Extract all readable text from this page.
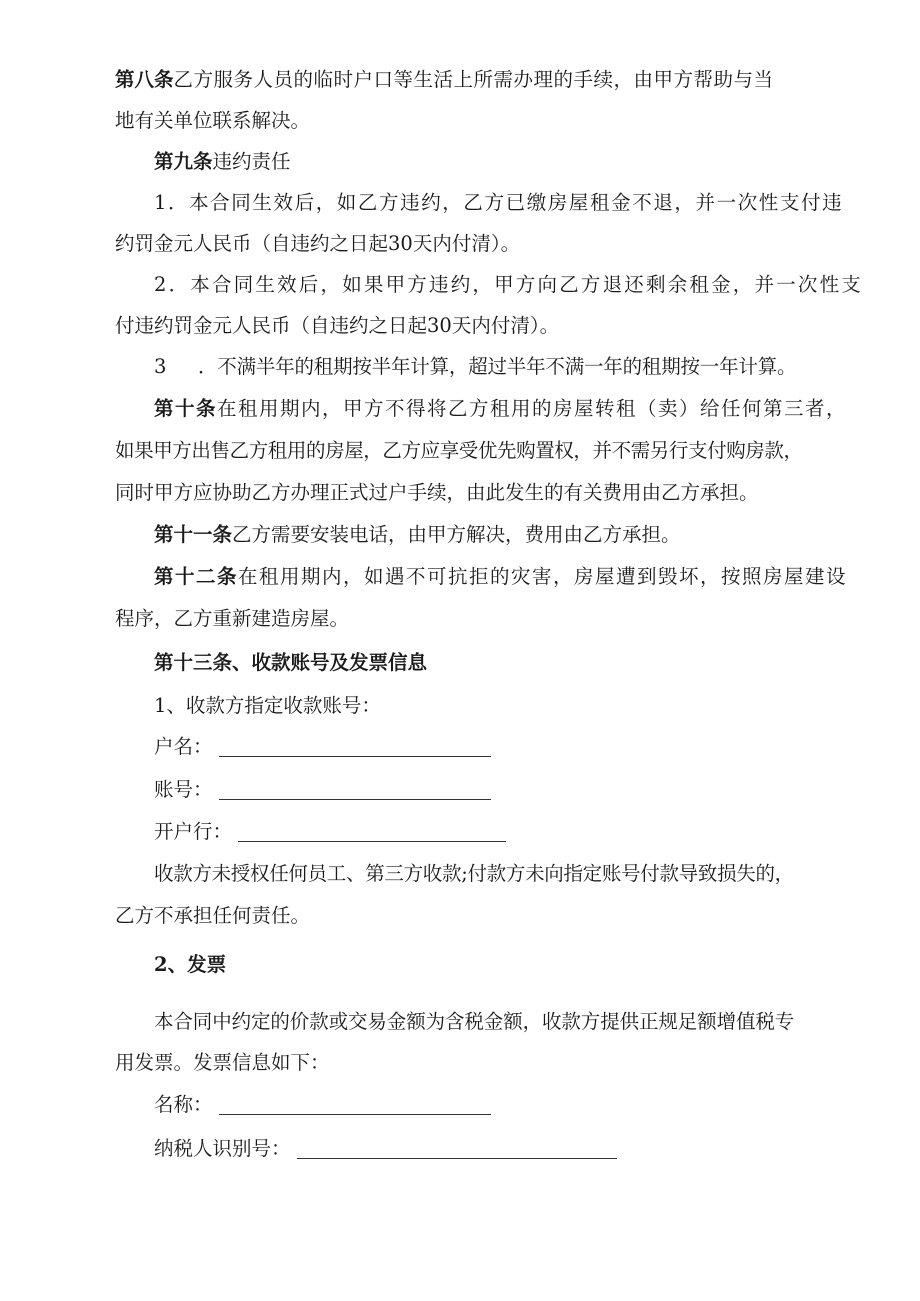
第八条 乙方服务人员的临时户口等生活上所需办理的手续，由甲方帮助与当
地有关单位联系解决。
第九条违约责任
1．本合同生效后，如乙方违约，乙方已缴房屋租金不退，并一次性支付违
约罚金元人民币（自违约之日起30天内付清）。
2．本合同生效后，如果甲方违约，甲方向乙方退还剩余租金，并一次性支
付违约罚金元人民币（自违约之日起30天内付清）。
3 ．不满半年的租期按半年计算，超过半年不满一年的租期按一年计算。
第十条在租用期内，甲方不得将乙方租用的房屋转租（卖）给任何第三者，
如果甲方出售乙方租用的房屋，乙方应享受优先购置权，并不需另行支付购房款，
同时甲方应协助乙方办理正式过户手续，由此发生的有关费用由乙方承担。
第十一条乙方需要安装电话，由甲方解决，费用由乙方承担。
第十二条在租用期内，如遇不可抗拒的灾害，房屋遭到毁坏，按照房屋建设
程序，乙方重新建造房屋。
第十三条、收款账号及发票信息
1、收款方指定收款账号：
户名：
账号：
开户行：
收款方未授权任何员工、第三方收款;付款方未向指定账号付款导致损失的，
乙方不承担任何责任。
2、发票
本合同中约定的价款或交易金额为含税金额，收款方提供正规足额增值税专
用发票。发票信息如下：
名称：
纳税人识别号：
